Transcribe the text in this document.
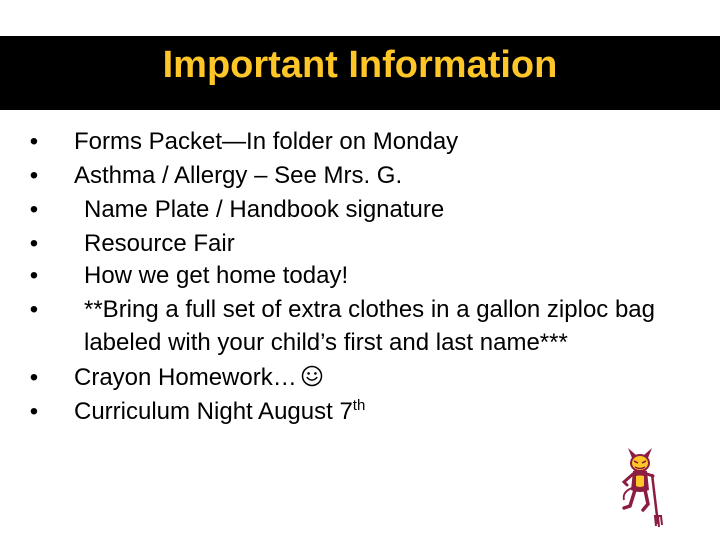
Important Information
• Forms Packet—In folder on Monday
• Asthma / Allergy – See Mrs. G.
• Name Plate / Handbook signature
• Resource Fair
• How we get home today!
• **Bring a full set of extra clothes in a gallon ziploc bag labeled with your child’s first and last name***
• Crayon Homework…
• Curriculum Night August 7th
